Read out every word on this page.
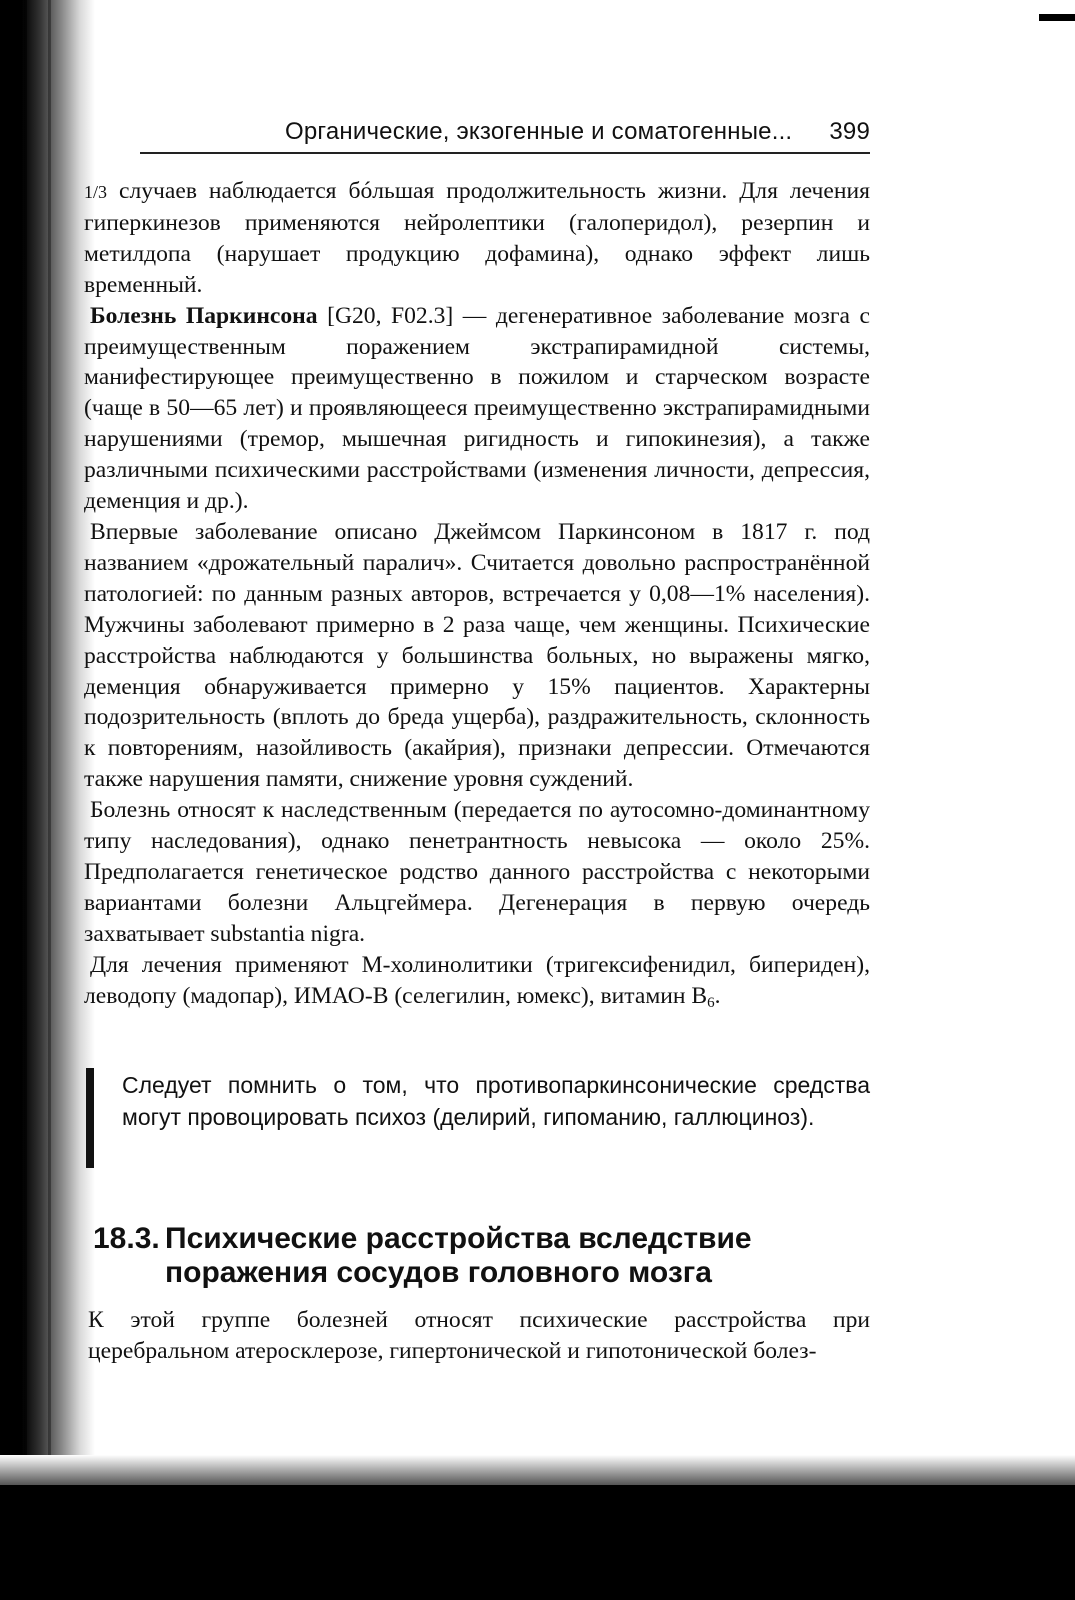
Органические, экзогенные и соматогенные... 399

1/3 случаев наблюдается бóльшая продолжительность жизни. Для лечения гиперкинезов применяются нейролептики (галоперидол), резерпин и метилдопа (нарушает продукцию дофамина), однако эффект лишь временный.

Болезнь Паркинсона [G20, F02.3] — дегенеративное заболевание мозга с преимущественным поражением экстрапирамидной системы, манифестирующее преимущественно в пожилом и старческом возрасте (чаще в 50—65 лет) и проявляющееся преимущественно экстрапирамидными нарушениями (тремор, мышечная ригидность и гипокинезия), а также различными психическими расстройствами (изменения личности, депрессия, деменция и др.).

Впервые заболевание описано Джеймсом Паркинсоном в 1817 г. под названием «дрожательный паралич». Считается довольно распространённой патологией: по данным разных авторов, встречается у 0,08—1% населения). Мужчины заболевают примерно в 2 раза чаще, чем женщины. Психические расстройства наблюдаются у большинства больных, но выражены мягко, деменция обнаруживается примерно у 15% пациентов. Характерны подозрительность (вплоть до бреда ущерба), раздражительность, склонность к повторениям, назойливость (акайрия), признаки депрессии. Отмечаются также нарушения памяти, снижение уровня суждений.

Болезнь относят к наследственным (передается по аутосомно-доминантному типу наследования), однако пенетрантность невысока — около 25%. Предполагается генетическое родство данного расстройства с некоторыми вариантами болезни Альцгеймера. Дегенерация в первую очередь захватывает substantia nigra.

Для лечения применяют М-холинолитики (тригексифенидил, бипериден), леводопу (мадопар), ИМАО-В (селегилин, юмекс), витамин $B_6$.

Следует помнить о том, что противопаркинсонические средства могут провоцировать психоз (делирий, гипоманию, галлюциноз).
18.3. Психические расстройства вследствие поражения сосудов головного мозга

К этой группе болезней относят психические расстройства при церебральном атеросклерозе, гипертонической и гипотонической болез-
